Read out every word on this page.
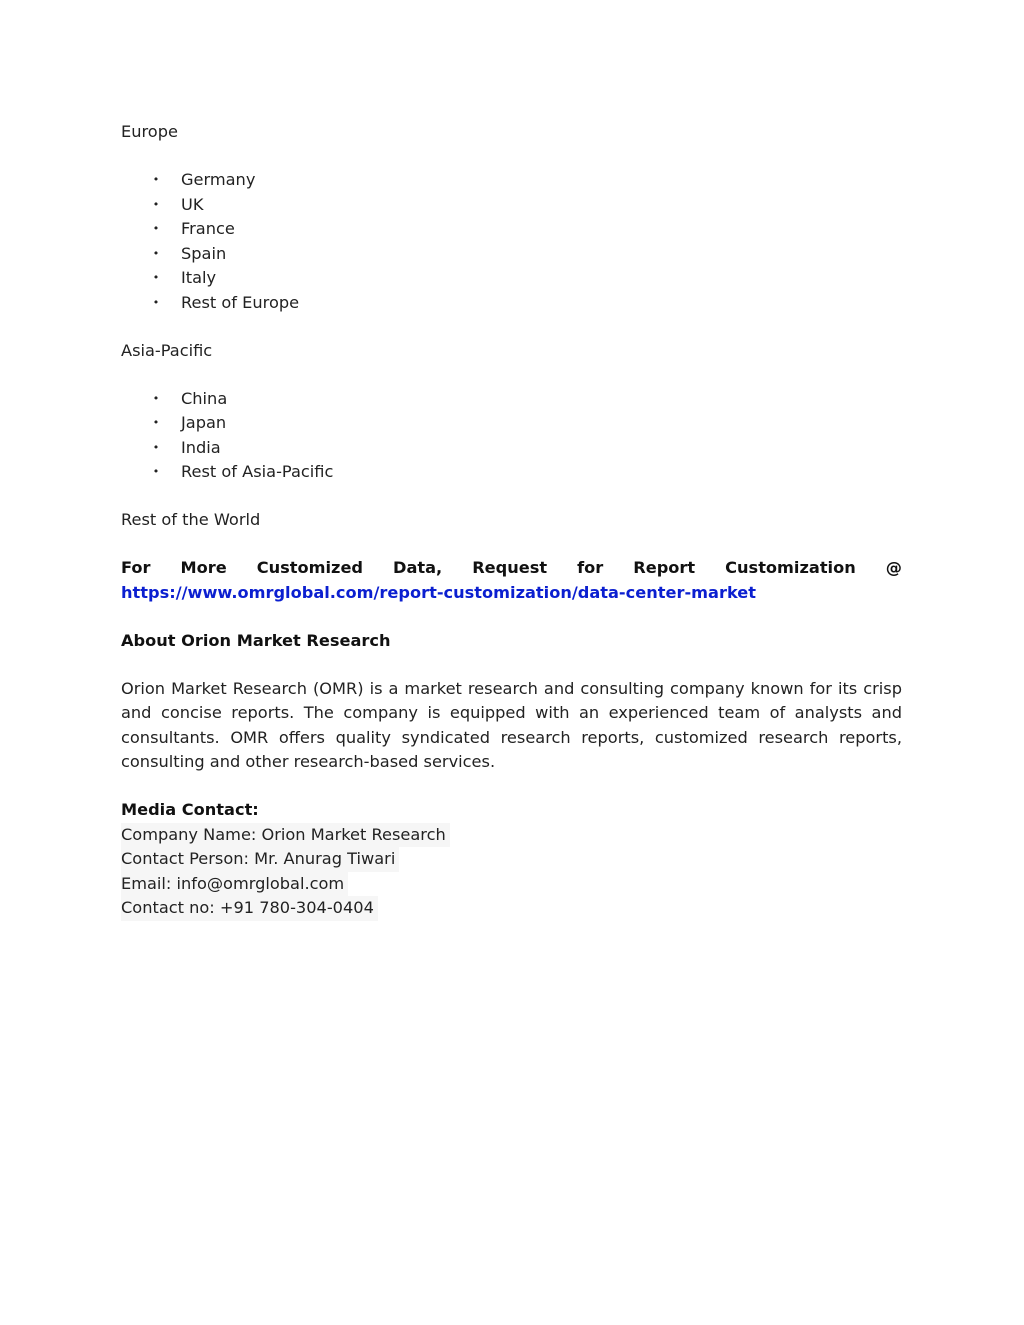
Europe

• Germany
• UK
• France
• Spain
• Italy
• Rest of Europe

Asia-Pacific

• China
• Japan
• India
• Rest of Asia-Pacific

Rest of the World

For More Customized Data, Request for Report Customization @
https://www.omrglobal.com/report-customization/data-center-market
About Orion Market Research

Orion Market Research (OMR) is a market research and consulting company known for its crisp and concise reports. The company is equipped with an experienced team of analysts and consultants. OMR offers quality syndicated research reports, customized research reports, consulting and other research-based services.

Media Contact:
Company Name: Orion Market Research
Contact Person: Mr. Anurag Tiwari
Email: info@omrglobal.com
Contact no: +91 780-304-0404
